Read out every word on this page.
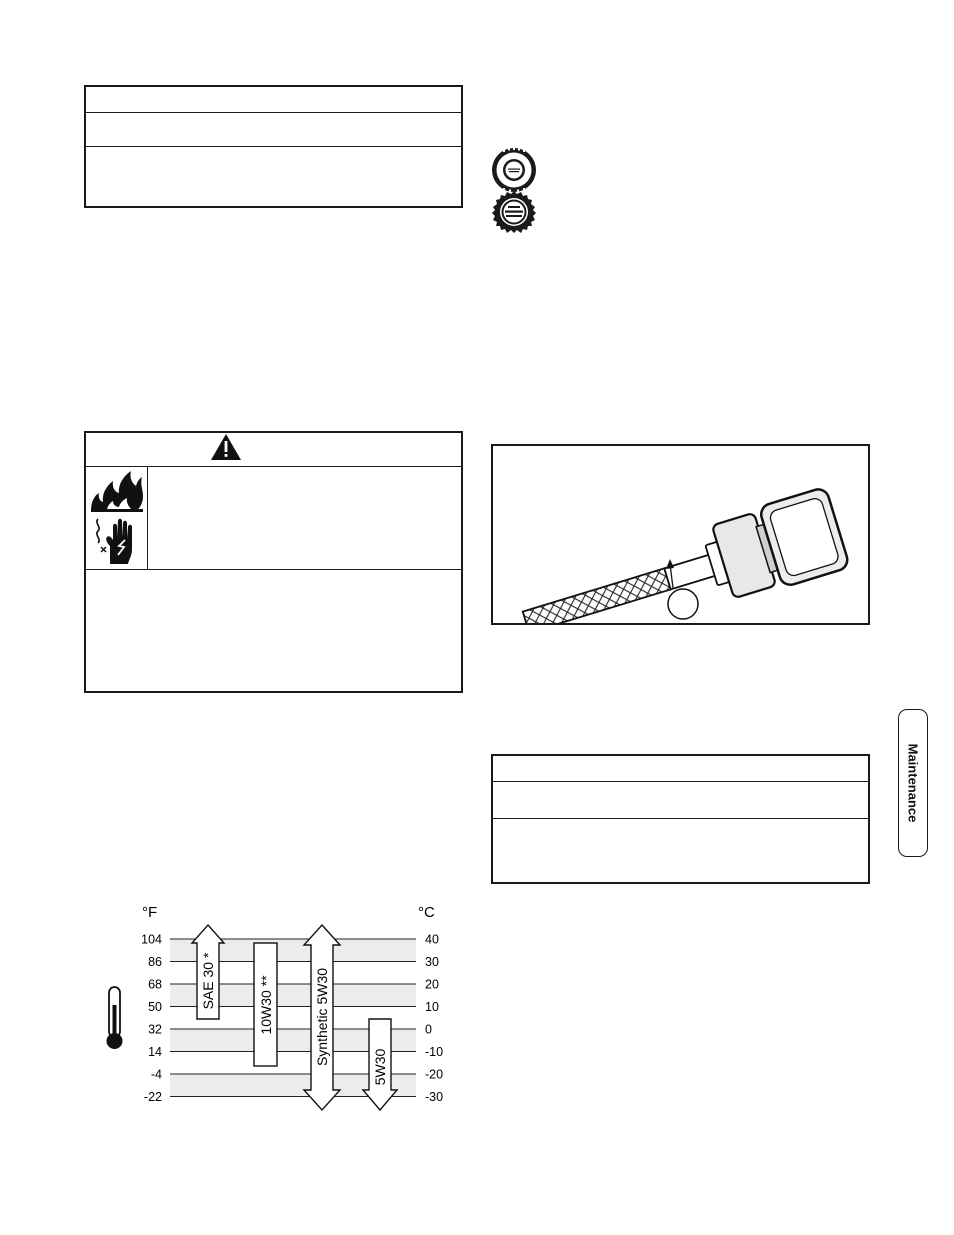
Maintenance
°F	°C
104
86
68
50
32
14
-4
-22
40
30
20
10
0
-10
-20
-30
SAE 30 *	10W30 **	Synthetic 5W30
5W30
